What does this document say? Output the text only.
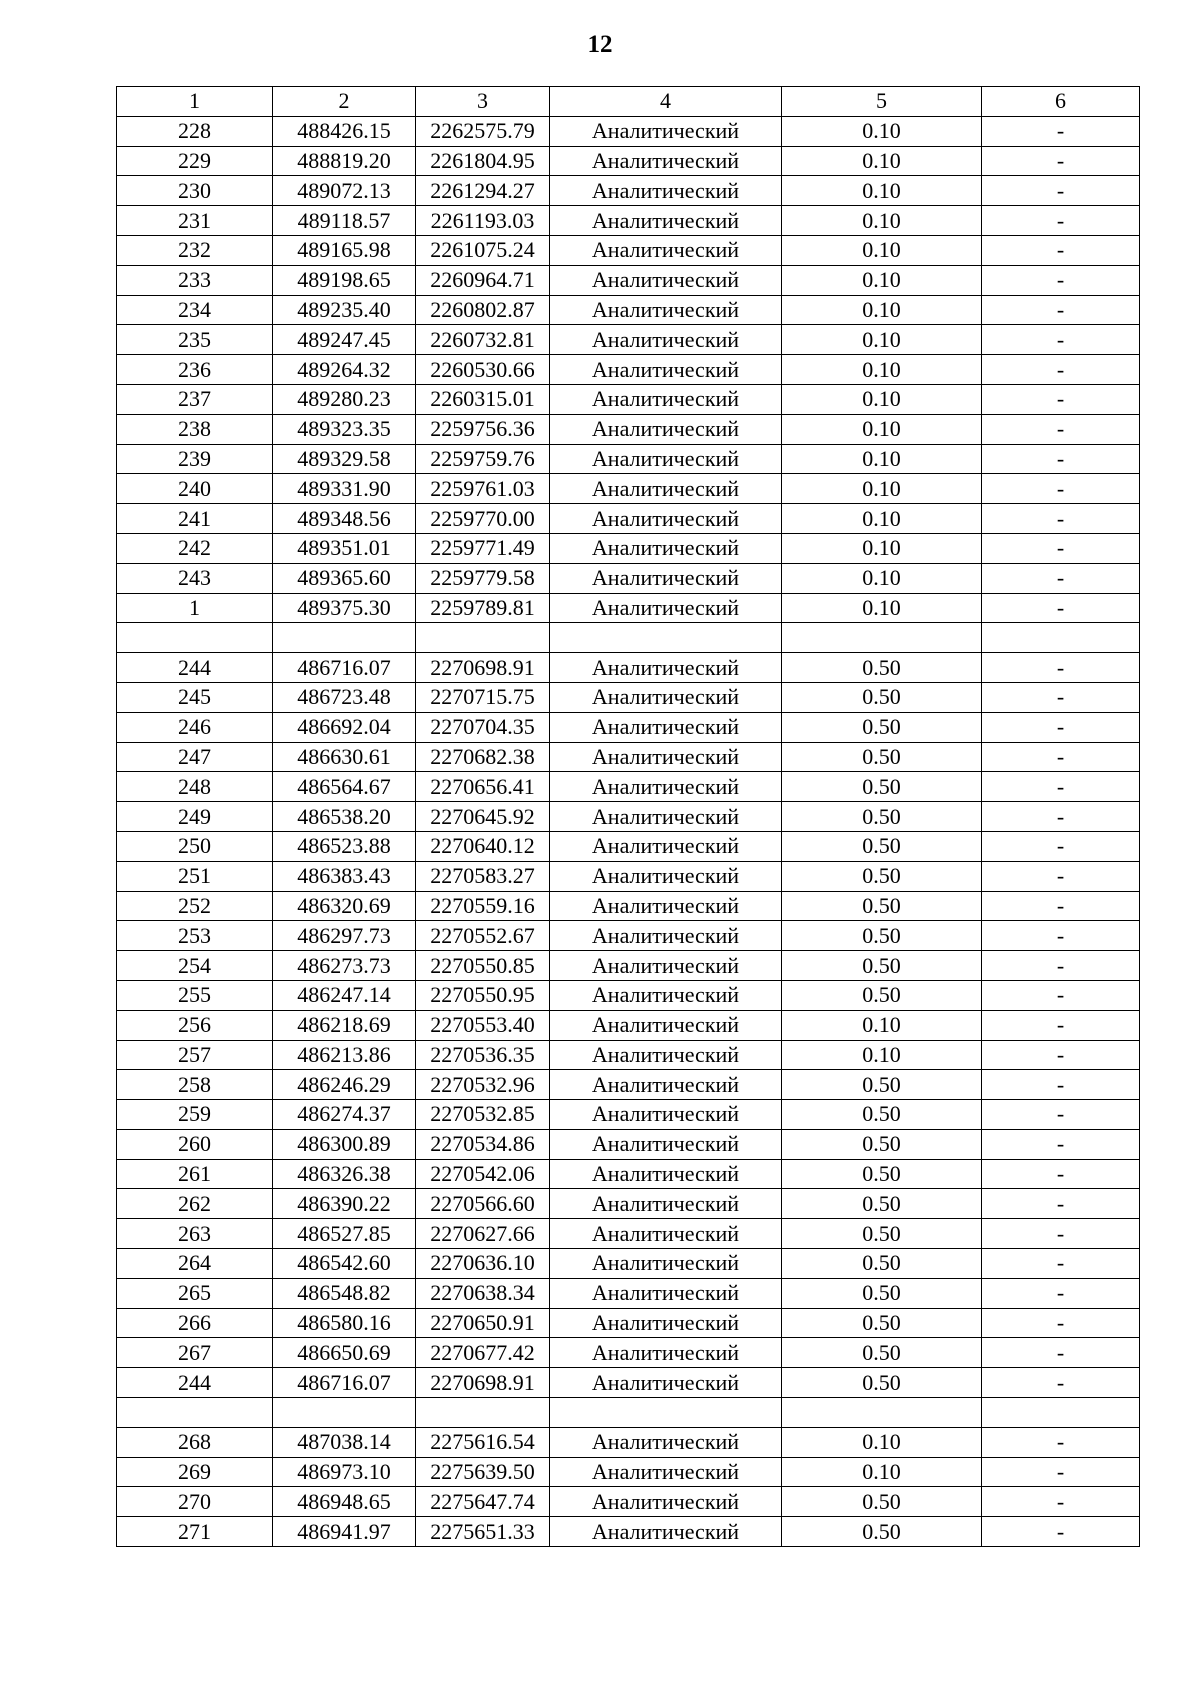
12
1	2	3	4	5	6
228	488426.15	2262575.79	Аналитический	0.10	-
229	488819.20	2261804.95	Аналитический	0.10	-
230	489072.13	2261294.27	Аналитический	0.10	-
231	489118.57	2261193.03	Аналитический	0.10	-
232	489165.98	2261075.24	Аналитический	0.10	-
233	489198.65	2260964.71	Аналитический	0.10	-
234	489235.40	2260802.87	Аналитический	0.10	-
235	489247.45	2260732.81	Аналитический	0.10	-
236	489264.32	2260530.66	Аналитический	0.10	-
237	489280.23	2260315.01	Аналитический	0.10	-
238	489323.35	2259756.36	Аналитический	0.10	-
239	489329.58	2259759.76	Аналитический	0.10	-
240	489331.90	2259761.03	Аналитический	0.10	-
241	489348.56	2259770.00	Аналитический	0.10	-
242	489351.01	2259771.49	Аналитический	0.10	-
243	489365.60	2259779.58	Аналитический	0.10	-
1	489375.30	2259789.81	Аналитический	0.10	-

244	486716.07	2270698.91	Аналитический	0.50	-
245	486723.48	2270715.75	Аналитический	0.50	-
246	486692.04	2270704.35	Аналитический	0.50	-
247	486630.61	2270682.38	Аналитический	0.50	-
248	486564.67	2270656.41	Аналитический	0.50	-
249	486538.20	2270645.92	Аналитический	0.50	-
250	486523.88	2270640.12	Аналитический	0.50	-
251	486383.43	2270583.27	Аналитический	0.50	-
252	486320.69	2270559.16	Аналитический	0.50	-
253	486297.73	2270552.67	Аналитический	0.50	-
254	486273.73	2270550.85	Аналитический	0.50	-
255	486247.14	2270550.95	Аналитический	0.50	-
256	486218.69	2270553.40	Аналитический	0.10	-
257	486213.86	2270536.35	Аналитический	0.10	-
258	486246.29	2270532.96	Аналитический	0.50	-
259	486274.37	2270532.85	Аналитический	0.50	-
260	486300.89	2270534.86	Аналитический	0.50	-
261	486326.38	2270542.06	Аналитический	0.50	-
262	486390.22	2270566.60	Аналитический	0.50	-
263	486527.85	2270627.66	Аналитический	0.50	-
264	486542.60	2270636.10	Аналитический	0.50	-
265	486548.82	2270638.34	Аналитический	0.50	-
266	486580.16	2270650.91	Аналитический	0.50	-
267	486650.69	2270677.42	Аналитический	0.50	-
244	486716.07	2270698.91	Аналитический	0.50	-

268	487038.14	2275616.54	Аналитический	0.10	-
269	486973.10	2275639.50	Аналитический	0.10	-
270	486948.65	2275647.74	Аналитический	0.50	-
271	486941.97	2275651.33	Аналитический	0.50	-
